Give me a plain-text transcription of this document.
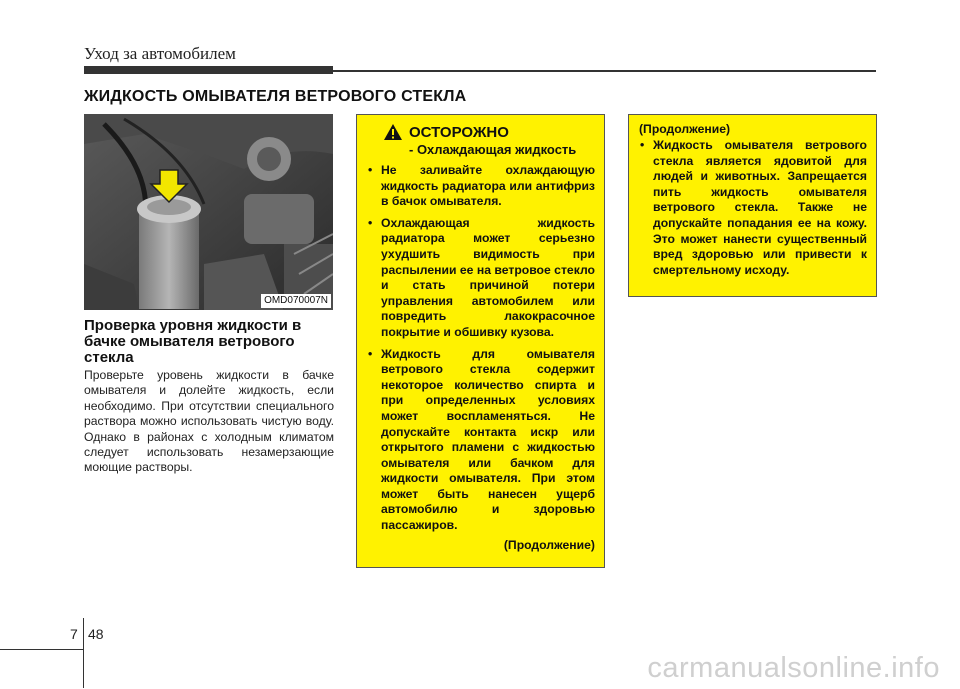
Уход за автомобилем
ЖИДКОСТЬ ОМЫВАТЕЛЯ ВЕТРОВОГО СТЕКЛА
OMD070007N
Проверка уровня жидкости в бачке омывателя ветрового стекла
Проверьте уровень жидкости в бачке омывателя и долейте жидкость, если необходимо. При отсутствии специального раствора можно использовать чистую воду. Однако в районах с холодным климатом следует использовать незамерзающие моющие растворы.
ОСТОРОЖНО
- Охлаждающая жидкость
• Не заливайте охлаждающую жидкость радиатора или антифриз в бачок омывателя.
• Охлаждающая жидкость радиатора может серьезно ухудшить видимость при распылении ее на ветровое стекло и стать причиной потери управления автомобилем или повредить лакокрасочное покрытие и обшивку кузова.
• Жидкость для омывателя ветрового стекла содержит некоторое количество спирта и при определенных условиях может воспламеняться. Не допускайте контакта искр или открытого пламени с жидкостью омывателя или бачком для жидкости омывателя. При этом может быть нанесен ущерб автомобилю и здоровью пассажиров.
(Продолжение)
(Продолжение)
• Жидкость омывателя ветрового стекла является ядовитой для людей и животных. Запрещается пить жидкость омывателя ветрового стекла. Также не допускайте попадания ее на кожу. Это может нанести существенный вред здоровью или привести к смертельному исходу.
7 48
carmanualsonline.info
